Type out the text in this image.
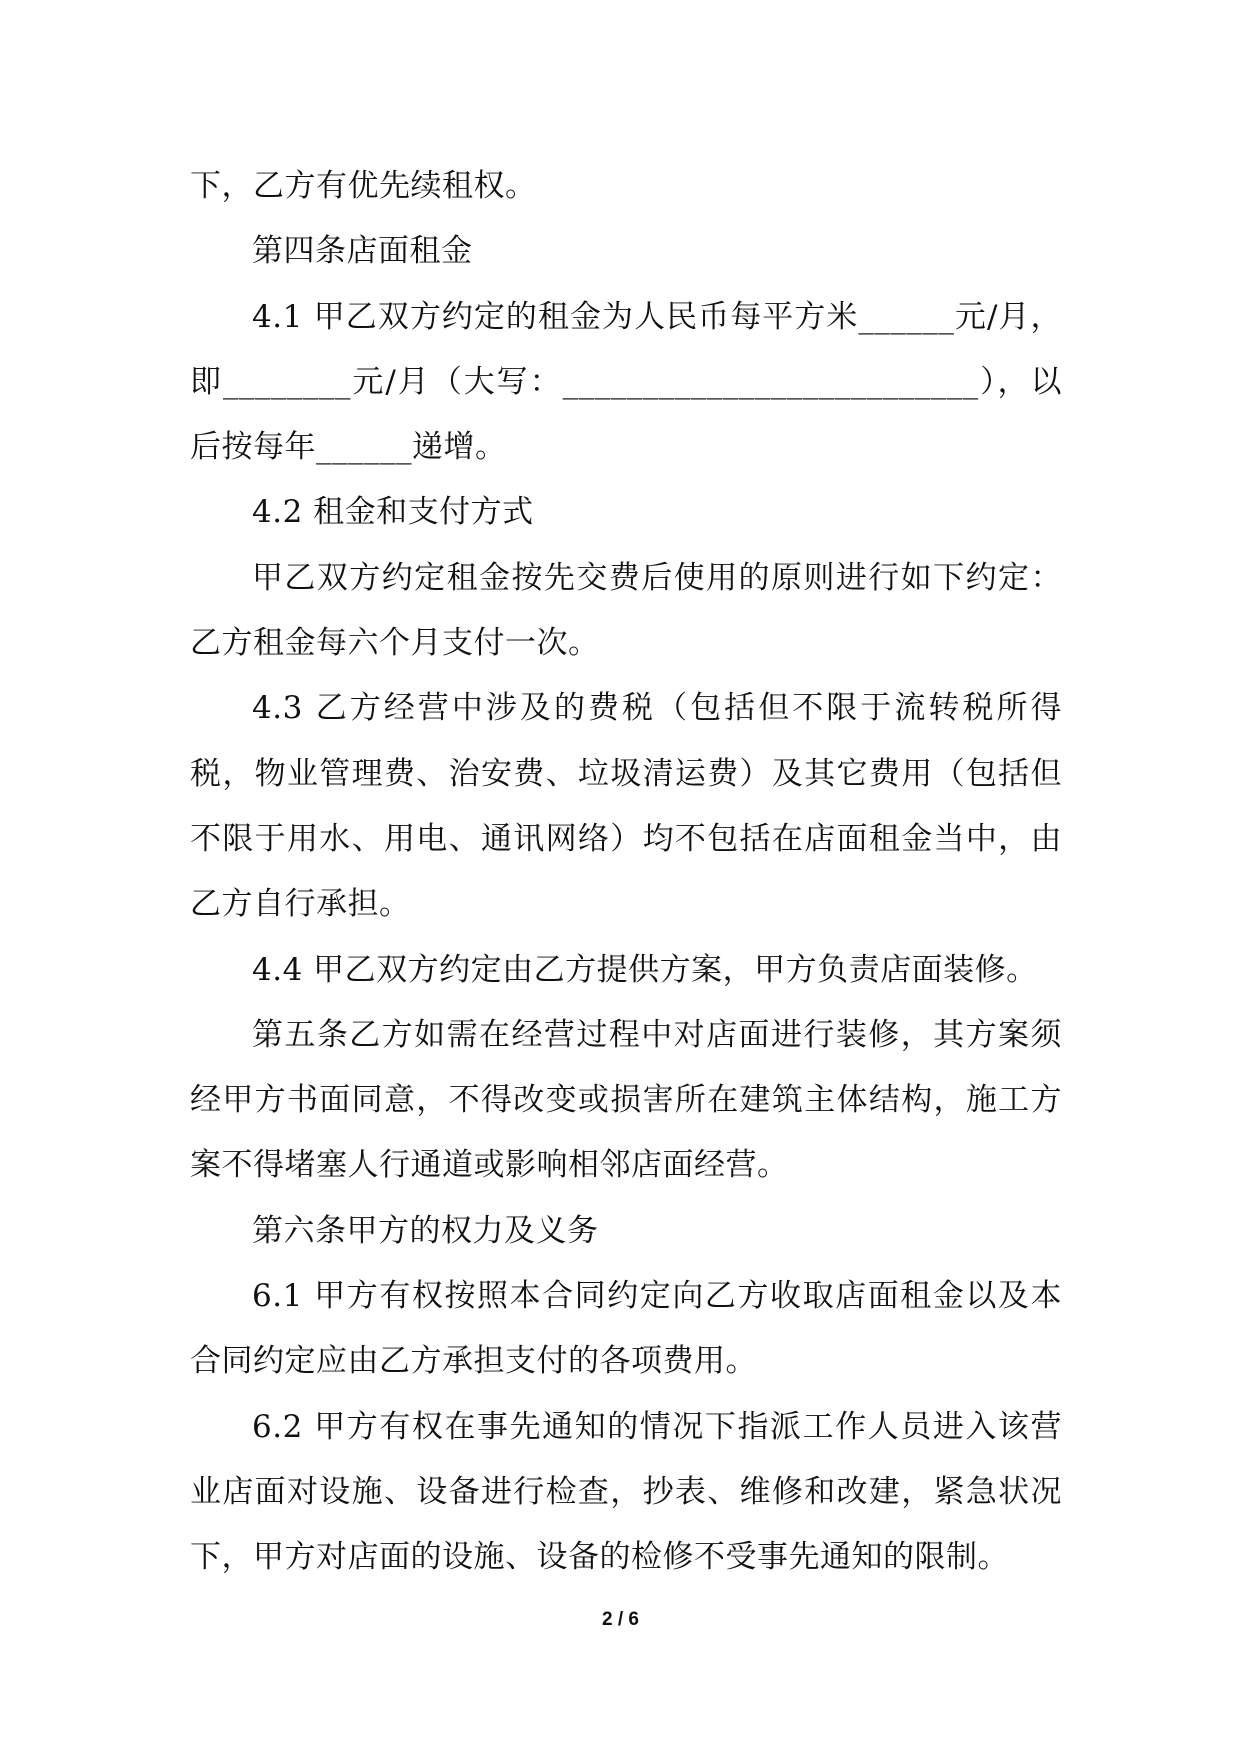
下，乙方有优先续租权。

第四条店面租金

4.1 甲乙双方约定的租金为人民币每平方米______元/月，即________元/月（大写：__________________________），以后按每年______递增。

4.2 租金和支付方式

甲乙双方约定租金按先交费后使用的原则进行如下约定：乙方租金每六个月支付一次。

4.3 乙方经营中涉及的费税（包括但不限于流转税所得税，物业管理费、治安费、垃圾清运费）及其它费用（包括但不限于用水、用电、通讯网络）均不包括在店面租金当中，由乙方自行承担。

4.4 甲乙双方约定由乙方提供方案，甲方负责店面装修。

第五条乙方如需在经营过程中对店面进行装修，其方案须经甲方书面同意，不得改变或损害所在建筑主体结构，施工方案不得堵塞人行通道或影响相邻店面经营。

第六条甲方的权力及义务

6.1 甲方有权按照本合同约定向乙方收取店面租金以及本合同约定应由乙方承担支付的各项费用。

6.2 甲方有权在事先通知的情况下指派工作人员进入该营业店面对设施、设备进行检查，抄表、维修和改建，紧急状况下，甲方对店面的设施、设备的检修不受事先通知的限制。

2 / 6
